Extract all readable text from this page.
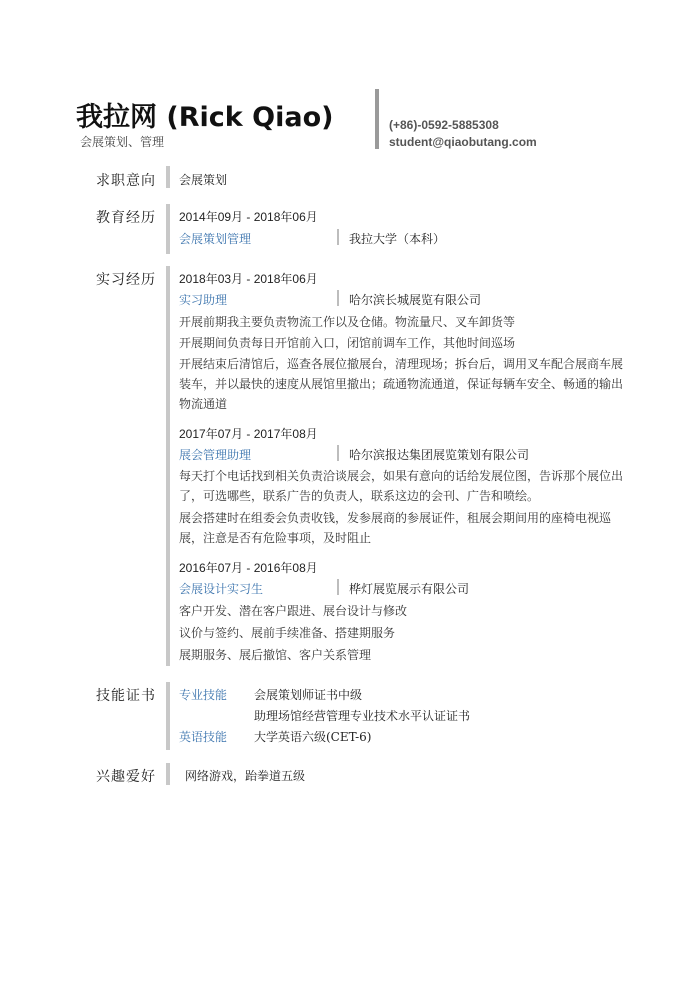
我拉网 (Rick Qiao)
会展策划、管理
(+86)-0592-5885308
student@qiaobutang.com
求职意向 会展策划
教育经历 2014年09月 - 2018年06月
会展策划管理	我拉大学（本科）
实习经历 2018年03月 - 2018年06月
实习助理	哈尔滨长城展览有限公司
开展前期我主要负责物流工作以及仓储。物流量尺、叉车卸货等
开展期间负责每日开馆前入口，闭馆前调车工作，其他时间巡场
开展结束后清馆后，巡查各展位撤展台，清理现场；拆台后，调用叉车配合展商车展装车，并以最快的速度从展馆里撤出；疏通物流通道，保证每辆车安全、畅通的输出物流通道
2017年07月 - 2017年08月
展会管理助理	哈尔滨报达集团展览策划有限公司
每天打个电话找到相关负责洽谈展会，如果有意向的话给发展位图，告诉那个展位出了，可选哪些，联系广告的负责人，联系这边的会刊、广告和喷绘。
展会搭建时在组委会负责收钱，发参展商的参展证件，租展会期间用的座椅电视巡展，注意是否有危险事项，及时阻止
2016年07月 - 2016年08月
会展设计实习生	桦灯展览展示有限公司
客户开发、潜在客户跟进、展台设计与修改
议价与签约、展前手续准备、搭建期服务
展期服务、展后撤馆、客户关系管理
技能证书 专业技能 会展策划师证书中级
助理场馆经营管理专业技术水平认证证书
英语技能 大学英语六级(CET-6)
兴趣爱好 网络游戏，跆拳道五级
